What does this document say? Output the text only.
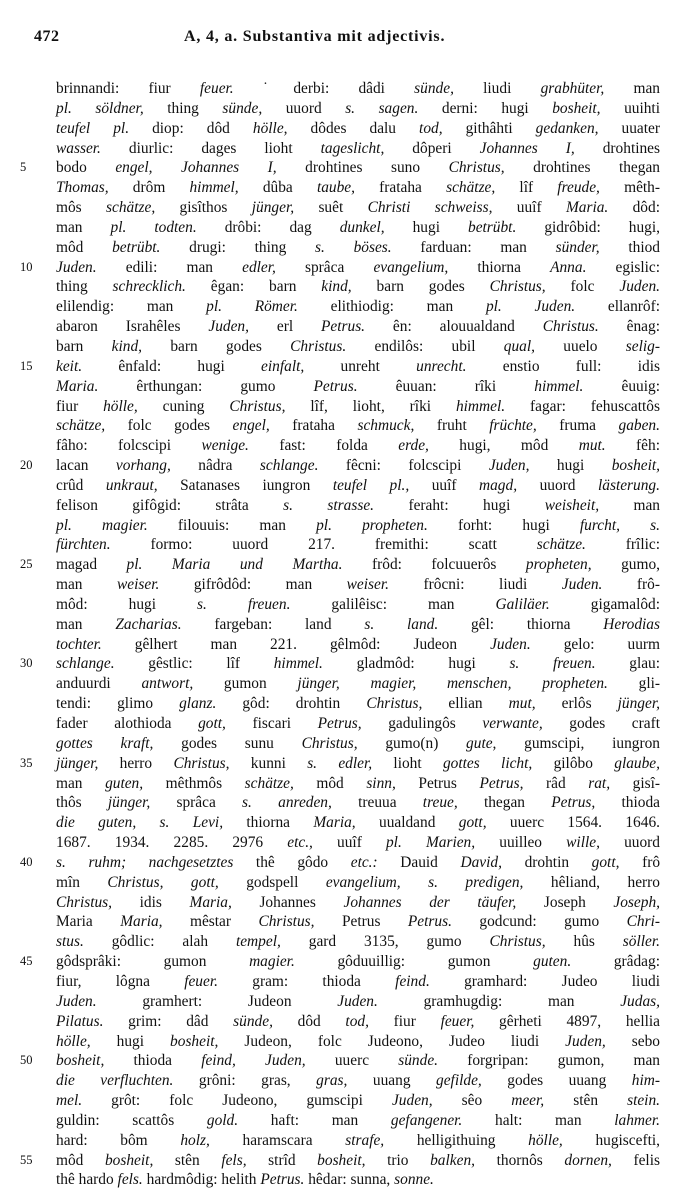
472	A, 4, a. Substantiva mit adjectivis.
brinnandi: fiur feuer. ˙derbi: dâdi sünde, liudi grabhüter, man
pl. söldner, thing sünde, uuord s. sagen. derni: hugi bosheit, uuihti
teufel pl. diop: dôd hölle, dôdes dalu tod, githâhti gedanken, uuater
wasser. diurlic: dages lioht tageslicht, dôperi Johannes I, drohtines
5	bodo engel, Johannes I, drohtines suno Christus, drohtines thegan
Thomas, drôm himmel, dûba taube, frataha schätze, lîf freude, mêth-
môs schätze, gisîthos jünger, suêt Christi schweiss, uuîf Maria. dôd:
man pl. todten. drôbi: dag dunkel, hugi betrübt. gidrôbid: hugi,
môd betrübt. drugi: thing s. böses. farduan: man sünder, thiod
10	Juden. edili: man edler, sprâca evangelium, thiorna Anna. egislic:
thing schrecklich. êgan: barn kind, barn godes Christus, folc Juden.
elilendig: man pl. Römer. elithiodig: man pl. Juden. ellanrôf:
abaron Israhêles Juden, erl Petrus. ên: alouualdand Christus. ênag:
barn kind, barn godes Christus. endilôs: ubil qual, uuelo selig-
15	keit. ênfald: hugi einfalt, unreht unrecht. enstio full: idis
Maria. êrthungan: gumo Petrus. êuuan: rîki himmel. êuuig:
fiur hölle, cuning Christus, lîf, lioht, rîki himmel. fagar: fehuscattôs
schätze, folc godes engel, frataha schmuck, fruht früchte, fruma gaben.
fâho: folcscipi wenige. fast: folda erde, hugi, môd mut. fêh:
20	lacan vorhang, nâdra schlange. fêcni: folcscipi Juden, hugi bosheit,
crûd unkraut, Satanases iungron teufel pl., uuîf magd, uuord lästerung.
felison gifôgid: strâta s. strasse. feraht: hugi weisheit, man
pl. magier. filouuis: man pl. propheten. forht: hugi furcht, s.
fürchten. formo: uuord 217. fremithi: scatt schätze. frîlic:
25	magad pl. Maria und Martha. frôd: folcuuerôs propheten, gumo,
man weiser. gifrôdôd: man weiser. frôcni: liudi Juden. frô-
môd: hugi s. freuen. galilêisc: man Galiläer. gigamalôd:
man Zacharias. fargeban: land s. land. gêl: thiorna Herodias
tochter. gêlhert man 221. gêlmôd: Judeon Juden. gelo: uurm
30	schlange. gêstlic: lîf himmel. gladmôd: hugi s. freuen. glau:
anduurdi antwort, gumon jünger, magier, menschen, propheten. gli-
tendi: glimo glanz. gôd: drohtin Christus, ellian mut, erlôs jünger,
fader alothioda gott, fiscari Petrus, gadulingôs verwante, godes craft
gottes kraft, godes sunu Christus, gumo(n) gute, gumscipi, iungron
35	jünger, herro Christus, kunni s. edler, lioht gottes licht, gilôbo glaube,
man guten, mêthmôs schätze, môd sinn, Petrus Petrus, râd rat, gisî-
thôs jünger, sprâca s. anreden, treuua treue, thegan Petrus, thioda
die guten, s. Levi, thiorna Maria, uualdand gott, uuerc 1564. 1646.
1687. 1934. 2285. 2976 etc., uuîf pl. Marien, uuilleo wille, uuord
40	s. ruhm; nachgesetztes thê gôdo etc.: Dauid David, drohtin gott, frô
mîn Christus, gott, godspell evangelium, s. predigen, hêliand, herro
Christus, idis Maria, Johannes Johannes der täufer, Joseph Joseph,
Maria Maria, mêstar Christus, Petrus Petrus. godcund: gumo Chri-
stus. gôdlic: alah tempel, gard 3135, gumo Christus, hûs söller.
45	gôdsprâki: gumon magier. gôduuillig: gumon guten. grâdag:
fiur, lôgna feuer. gram: thioda feind. gramhard: Judeo liudi
Juden. gramhert: Judeon Juden. gramhugdig: man Judas,
Pilatus. grim: dâd sünde, dôd tod, fiur feuer, gêrheti 4897, hellia
hölle, hugi bosheit, Judeon, folc Judeono, Judeo liudi Juden, sebo
50	bosheit, thioda feind, Juden, uuerc sünde. forgripan: gumon, man
die verfluchten. grôni: gras, gras, uuang gefilde, godes uuang him-
mel. grôt: folc Judeono, gumscipi Juden, sêo meer, stên stein.
guldin: scattôs gold. haft: man gefangener. halt: man lahmer.
hard: bôm holz, haramscara strafe, helligithuing hölle, hugiscefti,
55	môd bosheit, stên fels, strîd bosheit, trio balken, thornôs dornen, felis
thê hardo fels. hardmôdig: helith Petrus. hêdar: sunna, sonne.
